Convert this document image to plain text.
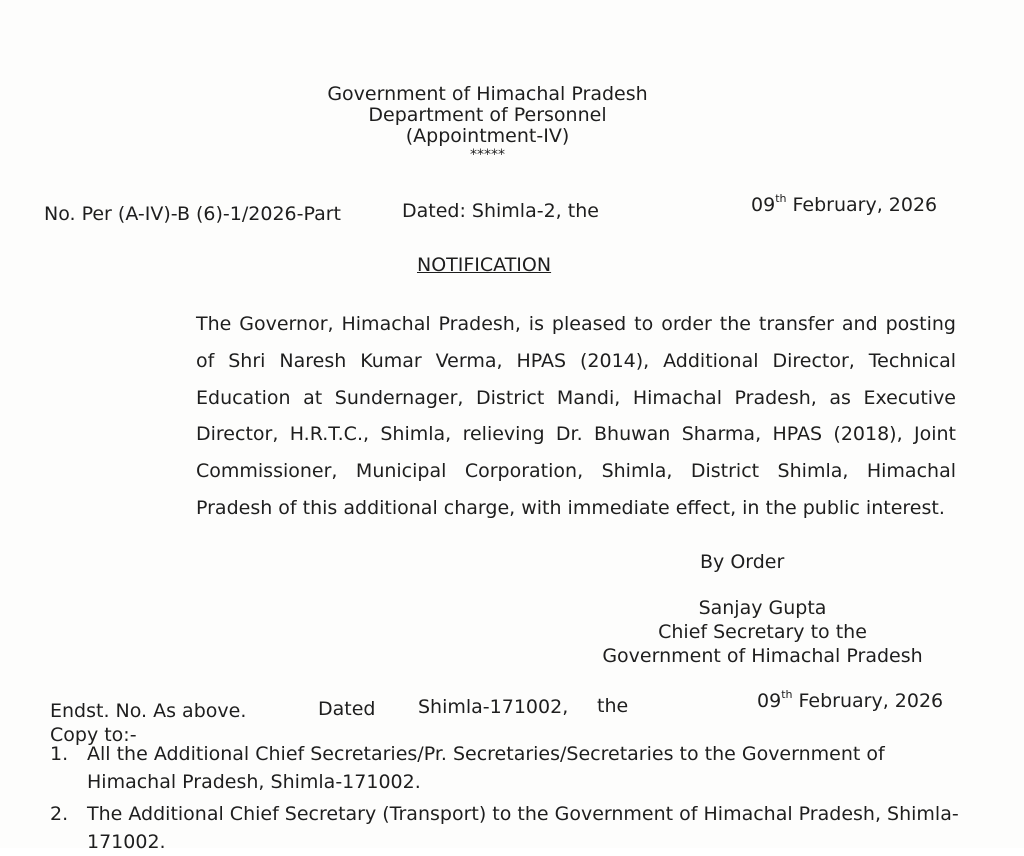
Government of Himachal Pradesh
Department of Personnel
(Appointment-IV)
*****
No. Per (A-IV)-B (6)-1/2026-Part	Dated: Shimla-2, the	09th February, 2026
NOTIFICATION

The Governor, Himachal Pradesh, is pleased to order the transfer and posting of Shri Naresh Kumar Verma, HPAS (2014), Additional Director, Technical Education at Sundernager, District Mandi, Himachal Pradesh, as Executive Director, H.R.T.C., Shimla, relieving Dr. Bhuwan Sharma, HPAS (2018), Joint Commissioner, Municipal Corporation, Shimla, District Shimla, Himachal Pradesh of this additional charge, with immediate effect, in the public interest.

By Order
Sanjay Gupta
Chief Secretary to the
Government of Himachal Pradesh
Endst. No. As above.	Dated Shimla-171002, the	09th February, 2026
Copy to:-
1. All the Additional Chief Secretaries/Pr. Secretaries/Secretaries to the Government of Himachal Pradesh, Shimla-171002.
2. The Additional Chief Secretary (Transport) to the Government of Himachal Pradesh, Shimla-171002.
